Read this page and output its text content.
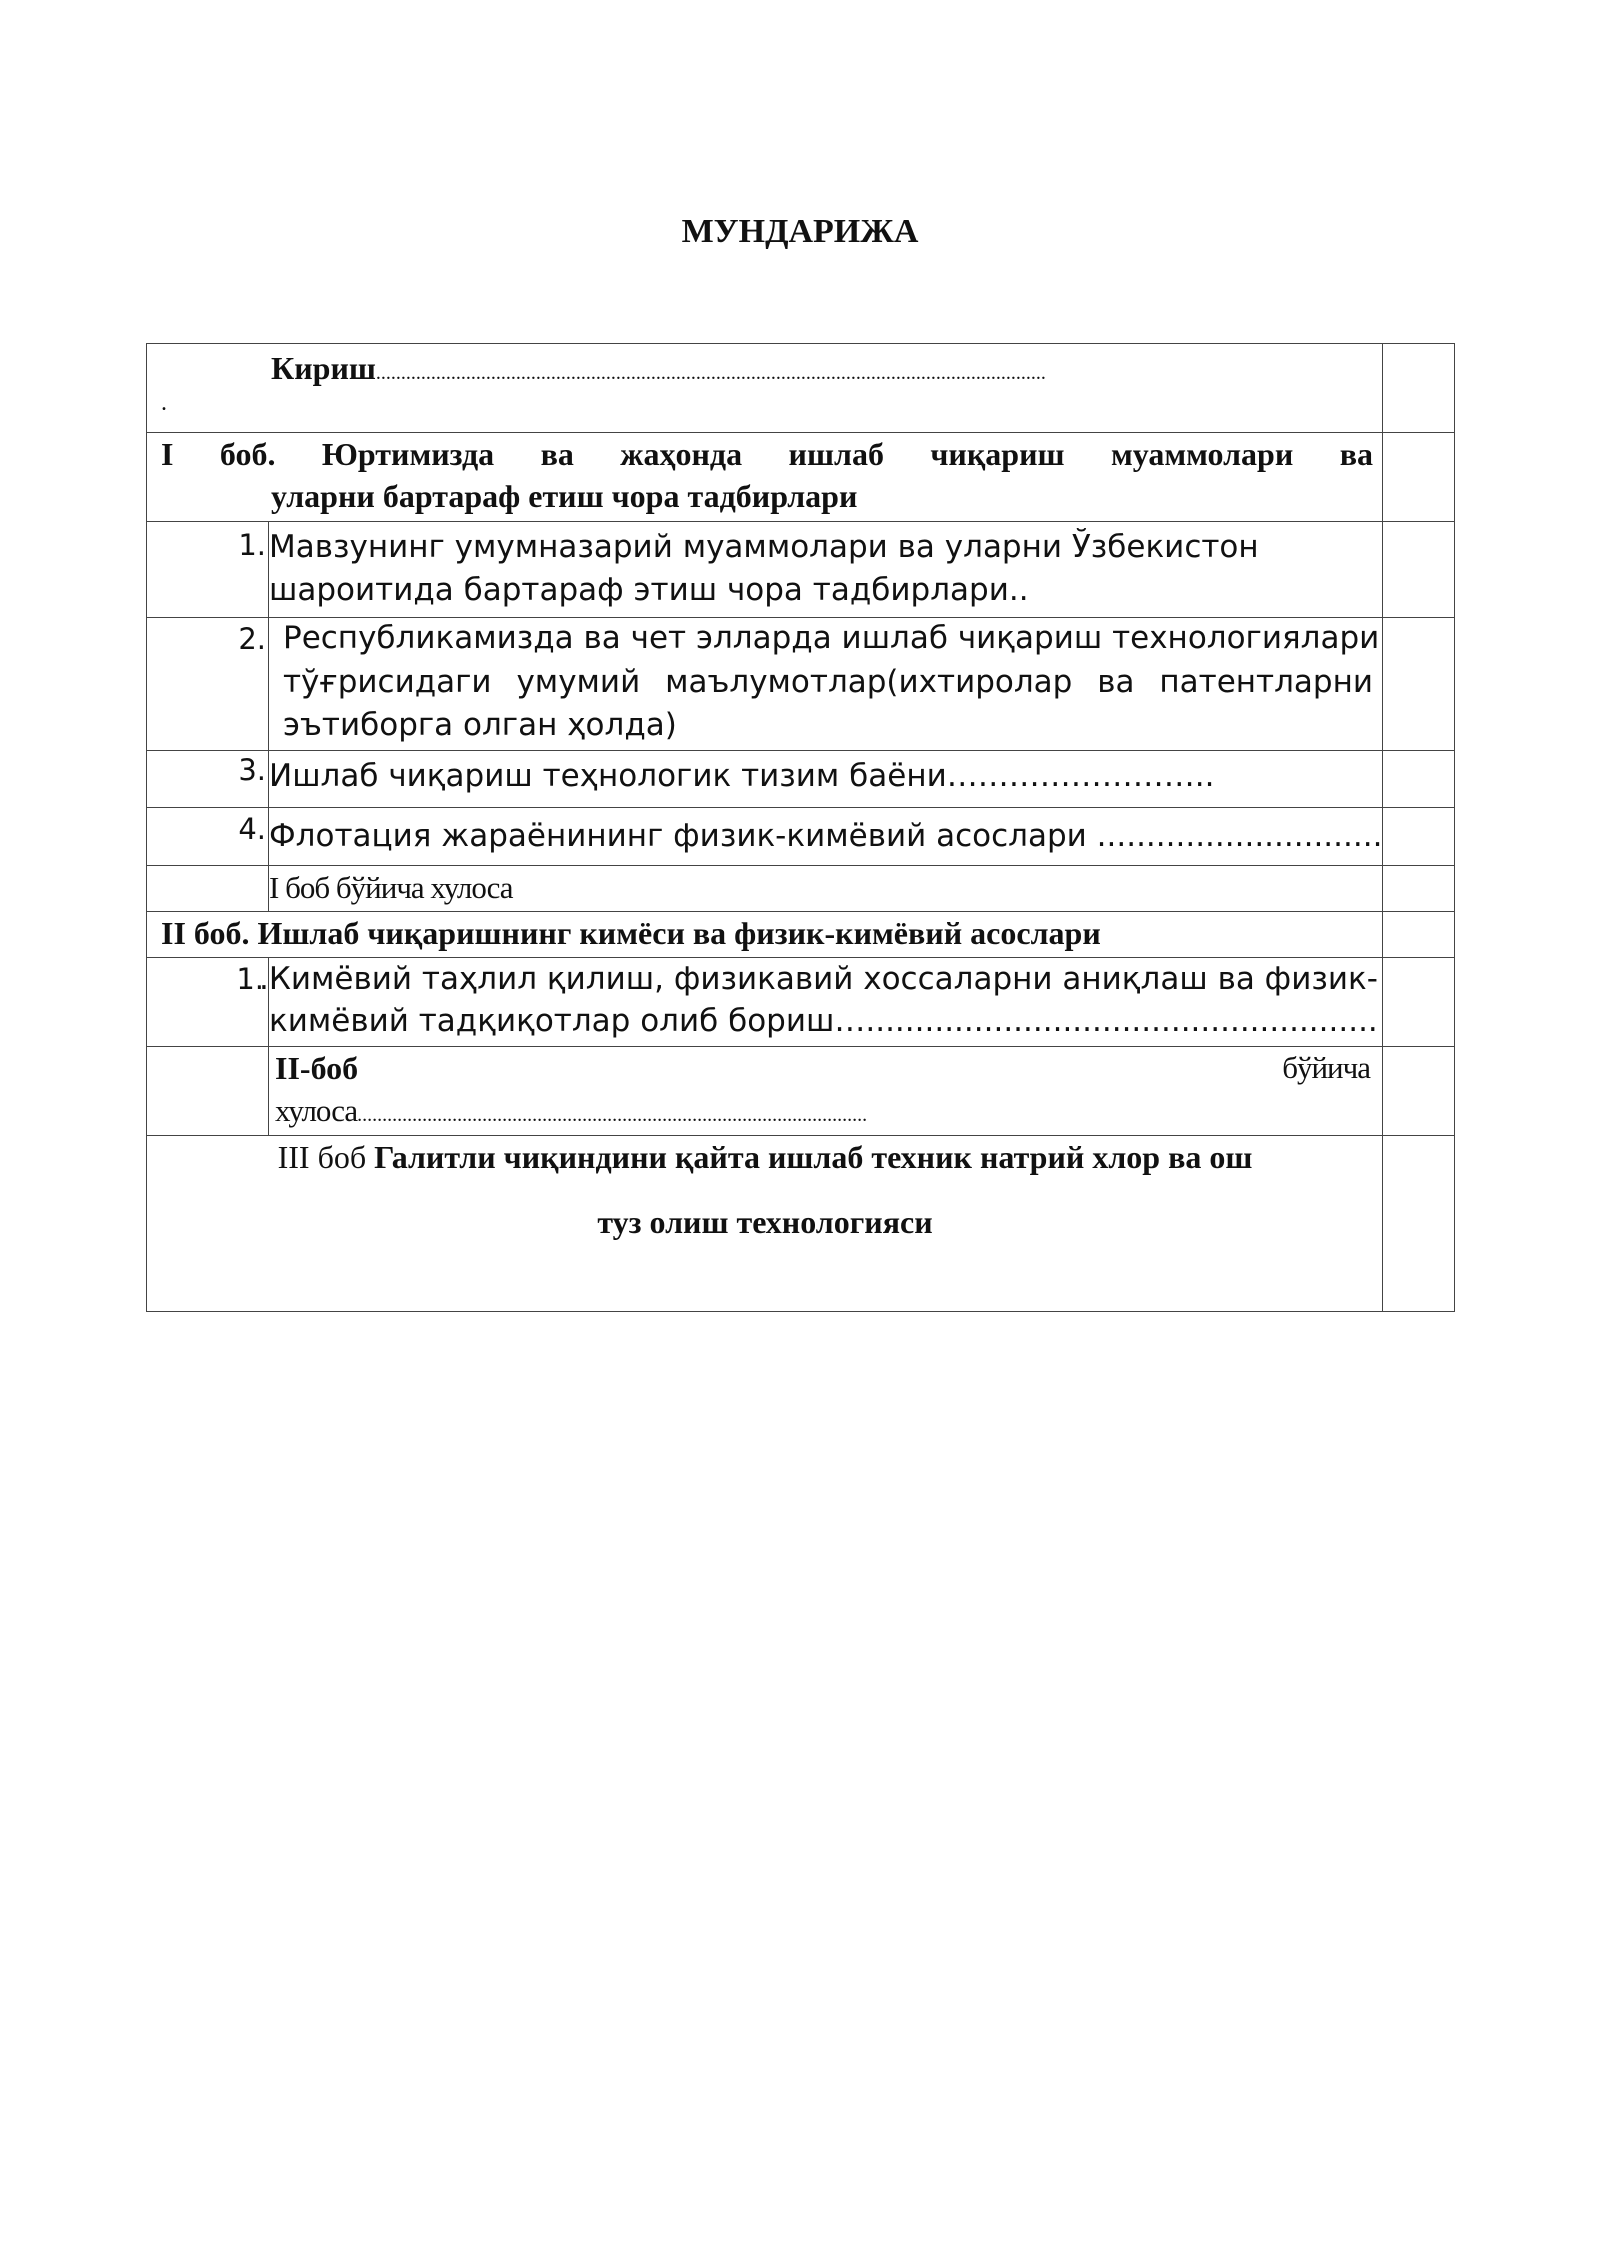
МУНДАРИЖА
Кириш......................................................................................................................................
.		

I боб. Юртимизда ва жаҳонда ишлаб чиқариш муаммолари ва
уларни бартараф етиш чора тадбирлари		

1.	Мавзунинг умумназарий муаммолари ва уларни Ўзбекистон
шароитида бартараф этиш чора тадбирлари..	

2.	Республикамизда ва чет элларда ишлаб чиқариш технологиялари
тўғрисидаги умумий маълумотлар(ихтиролар ва патентларни
эътиборга олган ҳолда)	

3.	Ишлаб чиқариш теҳнологик тизим баёни……………………..	

4.	Флотация жараёнининг физик-кимёвий асослари .............................	

	I боб бўйича хулоса	

II боб. Ишлаб чиқаришнинг кимёси ва физик-кимёвий асослари		

1.	.Кимёвий таҳлил қилиш, физикавий хоссаларни аниқлаш ва физик-
кимёвий тадқиқотлар олиб бориш…....................................................	

	II-боб бўйича
хулоса......................................................................................................	

III боб Галитли чиқиндини қайта ишлаб техник натрий хлор ва ош
туз олиш технологияси		
